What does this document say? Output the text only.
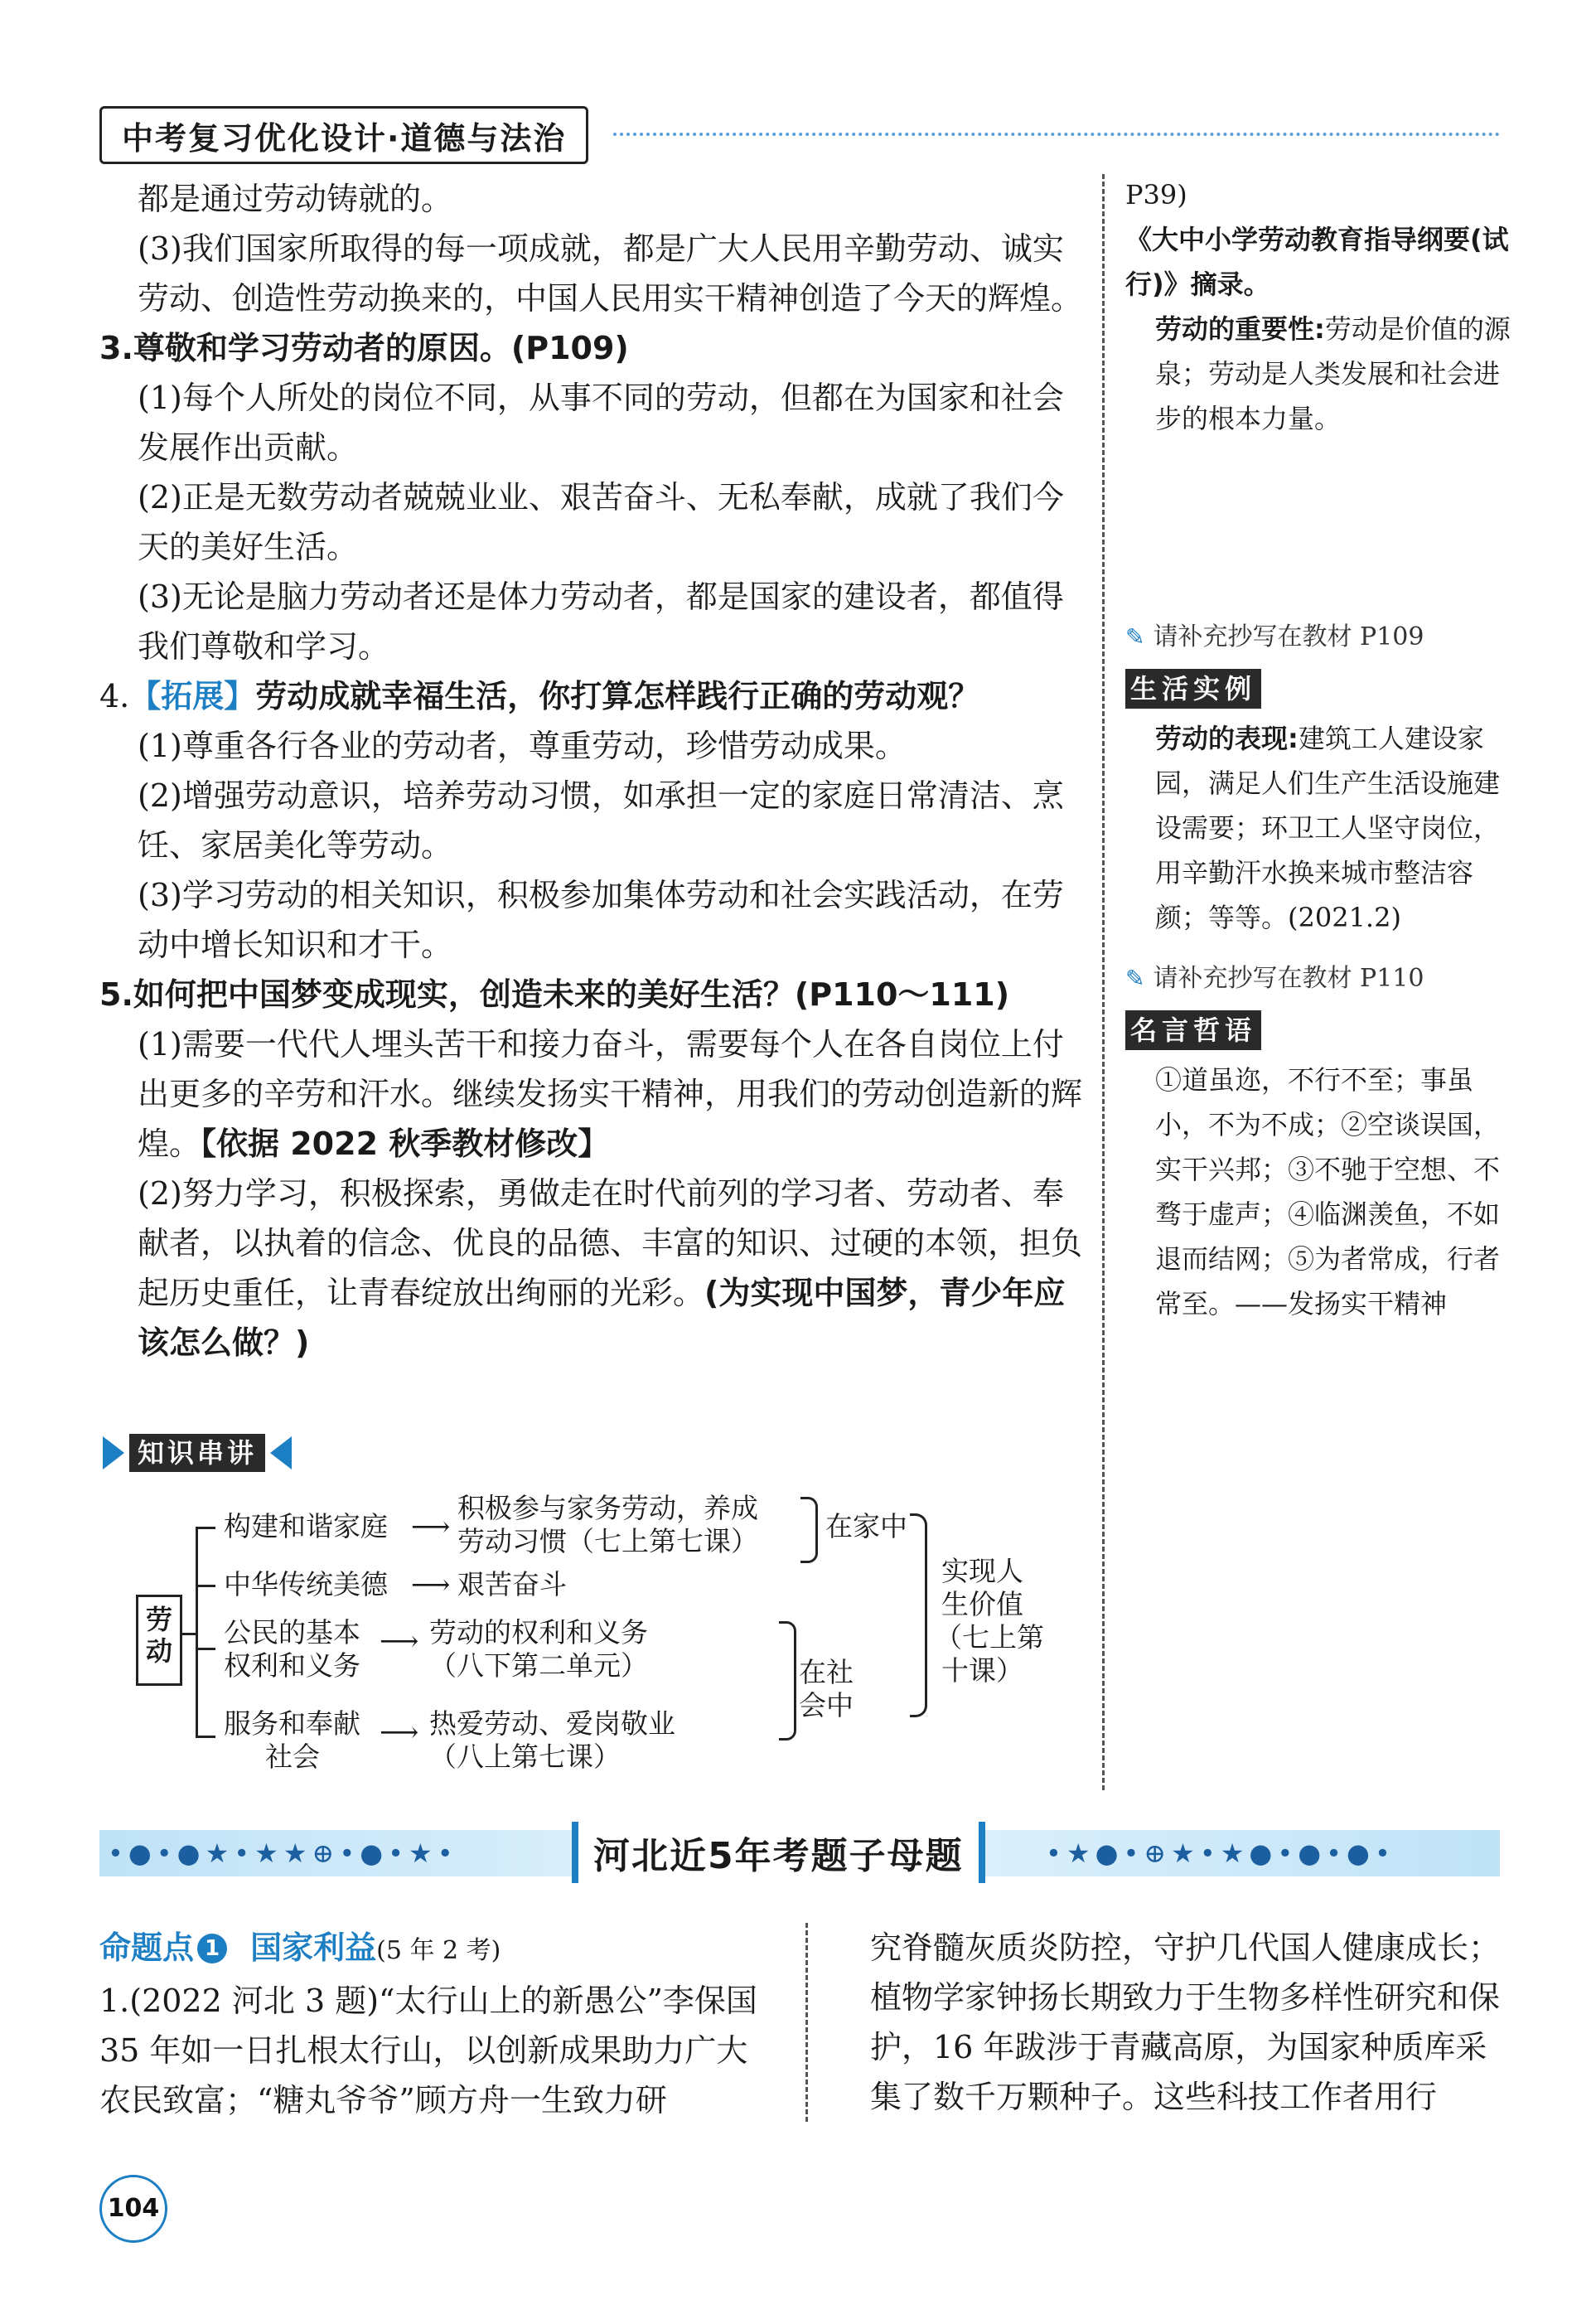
中考复习优化设计·道德与法治

都是通过劳动铸就的。

(3)我们国家所取得的每一项成就，都是广大人民用辛勤劳动、诚实劳动、创造性劳动换来的，中国人民用实干精神创造了今天的辉煌。

3.尊敬和学习劳动者的原因。(P109)

(1)每个人所处的岗位不同，从事不同的劳动，但都在为国家和社会发展作出贡献。

(2)正是无数劳动者兢兢业业、艰苦奋斗、无私奉献，成就了我们今天的美好生活。

(3)无论是脑力劳动者还是体力劳动者，都是国家的建设者，都值得我们尊敬和学习。

4.【拓展】劳动成就幸福生活，你打算怎样践行正确的劳动观？

(1)尊重各行各业的劳动者，尊重劳动，珍惜劳动成果。

(2)增强劳动意识，培养劳动习惯，如承担一定的家庭日常清洁、烹饪、家居美化等劳动。

(3)学习劳动的相关知识，积极参加集体劳动和社会实践活动，在劳动中增长知识和才干。

5.如何把中国梦变成现实，创造未来的美好生活？(P110～111)

(1)需要一代代人埋头苦干和接力奋斗，需要每个人在各自岗位上付出更多的辛劳和汗水。继续发扬实干精神，用我们的劳动创造新的辉煌。【依据 2022 秋季教材修改】

(2)努力学习，积极探索，勇做走在时代前列的学习者、劳动者、奉献者，以执着的信念、优良的品德、丰富的知识、过硬的本领，担负起历史重任，让青春绽放出绚丽的光彩。(为实现中国梦，青少年应该怎么做？)

P39)

《大中小学劳动教育指导纲要(试行)》摘录。

劳动的重要性:劳动是价值的源泉；劳动是人类发展和社会进步的根本力量。

✎ 请补充抄写在教材 P109
生活实例

劳动的表现:建筑工人建设家园，满足人们生产生活设施建设需要；环卫工人坚守岗位，用辛勤汗水换来城市整洁容颜；等等。(2021.2)

✎ 请补充抄写在教材 P110
名言哲语

①道虽迩，不行不至；事虽小，不为不成；②空谈误国，实干兴邦；③不驰于空想、不骛于虚声；④临渊羡鱼，不如退而结网；⑤为者常成，行者常至。——发扬实干精神

知识串讲
劳动
构建和谐家庭
中华传统美德
公民的基本
权利和义务
服务和奉献
社会
⟶
⟶
⟶
⟶
积极参与家务劳动，养成
劳动习惯（七上第七课）
艰苦奋斗
劳动的权利和义务
（八下第二单元）
热爱劳动、爱岗敬业
（八上第七课）
在家中
在社
会中
实现人
生价值
（七上第
十课）
•●•●★•★★⊕•●•★•	•★●•⊕★•★●•●•●•
河北近5年考题子母题

命题点 1 国家利益(5 年 2 考)

1.(2022 河北 3 题)“太行山上的新愚公”李保国 35 年如一日扎根太行山，以创新成果助力广大农民致富；“糖丸爷爷”顾方舟一生致力研

究脊髓灰质炎防控，守护几代国人健康成长；植物学家钟扬长期致力于生物多样性研究和保护，16 年跋涉于青藏高原，为国家种质库采集了数千万颗种子。这些科技工作者用行

104
